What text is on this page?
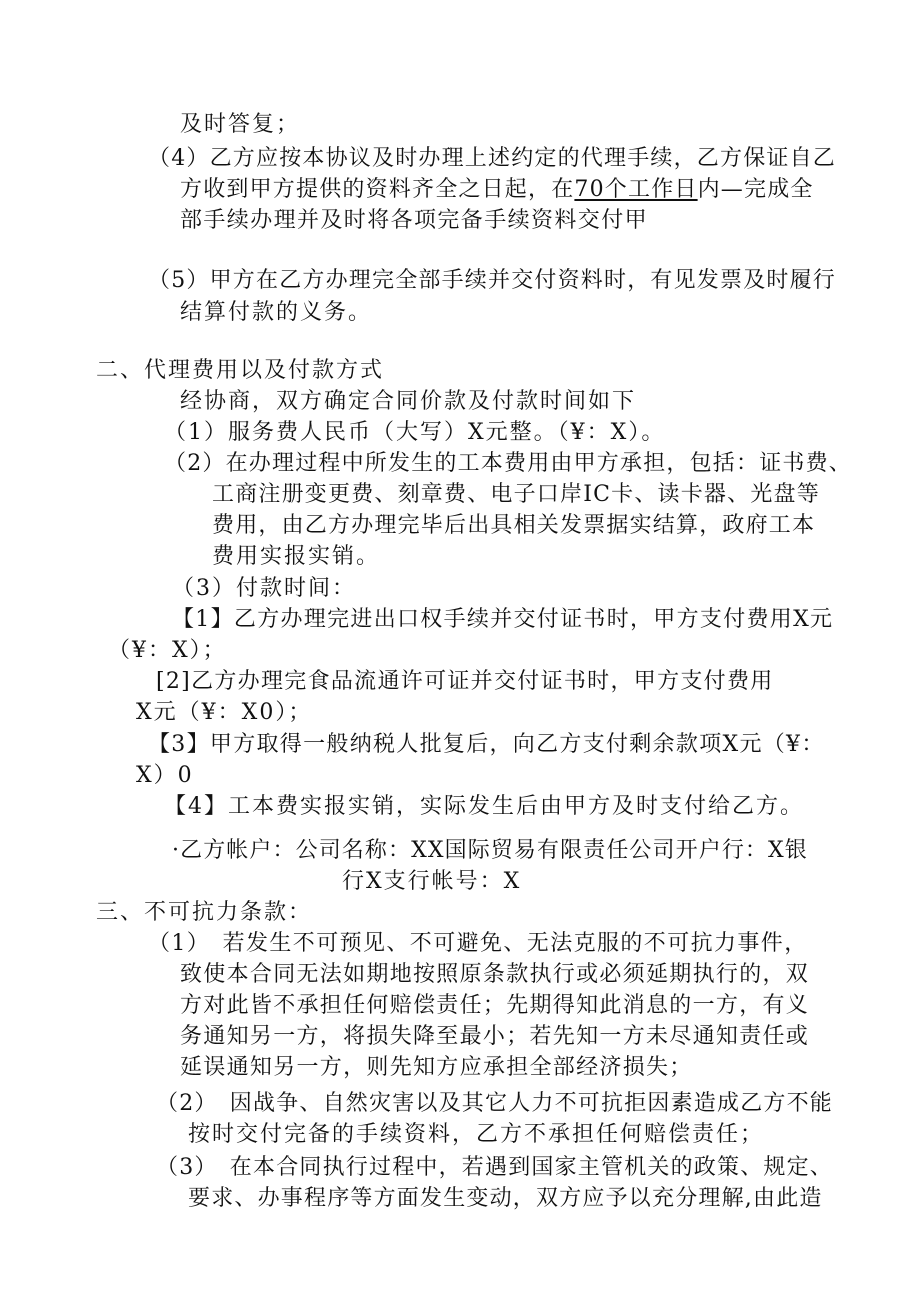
及时答复；
（4）乙方应按本协议及时办理上述约定的代理手续，乙方保证自乙
方收到甲方提供的资料齐全之日起，在70个工作日内—完成全
部手续办理并及时将各项完备手续资料交付甲
（5）甲方在乙方办理完全部手续并交付资料时，有见发票及时履行
结算付款的义务。
二、代理费用以及付款方式
经协商，双方确定合同价款及付款时间如下
（1）服务费人民币（大写）X元整。（¥：X）。
（2）在办理过程中所发生的工本费用由甲方承担，包括：证书费、
工商注册变更费、刻章费、电子口岸IC卡、读卡器、光盘等
费用，由乙方办理完毕后出具相关发票据实结算，政府工本
费用实报实销。
（3）付款时间：
【1】乙方办理完进出口权手续并交付证书时，甲方支付费用X元
（¥：X）；
[2]乙方办理完食品流通许可证并交付证书时，甲方支付费用
X元（¥：X0）；
【3】甲方取得一般纳税人批复后，向乙方支付剩余款项X元（¥：
X）0
【4】工本费实报实销，实际发生后由甲方及时支付给乙方。
·乙方帐户：公司名称：XX国际贸易有限责任公司开户行：X银
行X支行帐号：X
三、不可抗力条款：
（1）　若发生不可预见、不可避免、无法克服的不可抗力事件，
致使本合同无法如期地按照原条款执行或必须延期执行的，双
方对此皆不承担任何赔偿责任；先期得知此消息的一方，有义
务通知另一方，将损失降至最小；若先知一方未尽通知责任或
延误通知另一方，则先知方应承担全部经济损失；
（2）　因战争、自然灾害以及其它人力不可抗拒因素造成乙方不能
按时交付完备的手续资料，乙方不承担任何赔偿责任；
（3）　在本合同执行过程中，若遇到国家主管机关的政策、规定、
要求、办事程序等方面发生变动，双方应予以充分理解,由此造
